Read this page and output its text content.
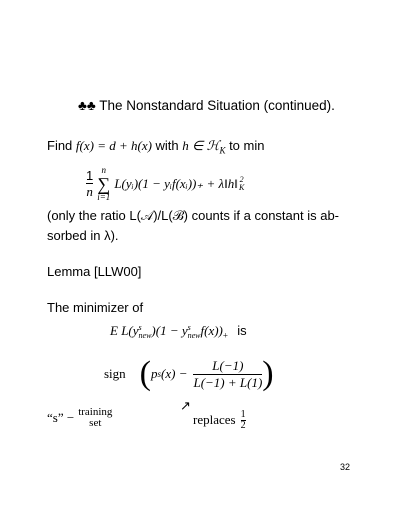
♣♣ The Nonstandard Situation (continued).
Find f(x) = d + h(x) with h ∈ ℋ$_K$ to min
$\frac{1}{n}$ n
∑
i=1
L(yᵢ)(1 − yᵢf(xᵢ))₊ + λ‖h‖ 2
K
(only the ratio L(𝒜)/L(ℬ) counts if a constant is ab-
sorbed in λ).
Lemma [LLW00]
The minimizer of
E L(y s
new )(1 − y s
new $f(x))_+$ is
sign ( p s $(x) - \frac{L(-1)}{L(-1) + L(1)}$ )
“s” − training
set
↗
replaces $\frac{1}{2}$
32
